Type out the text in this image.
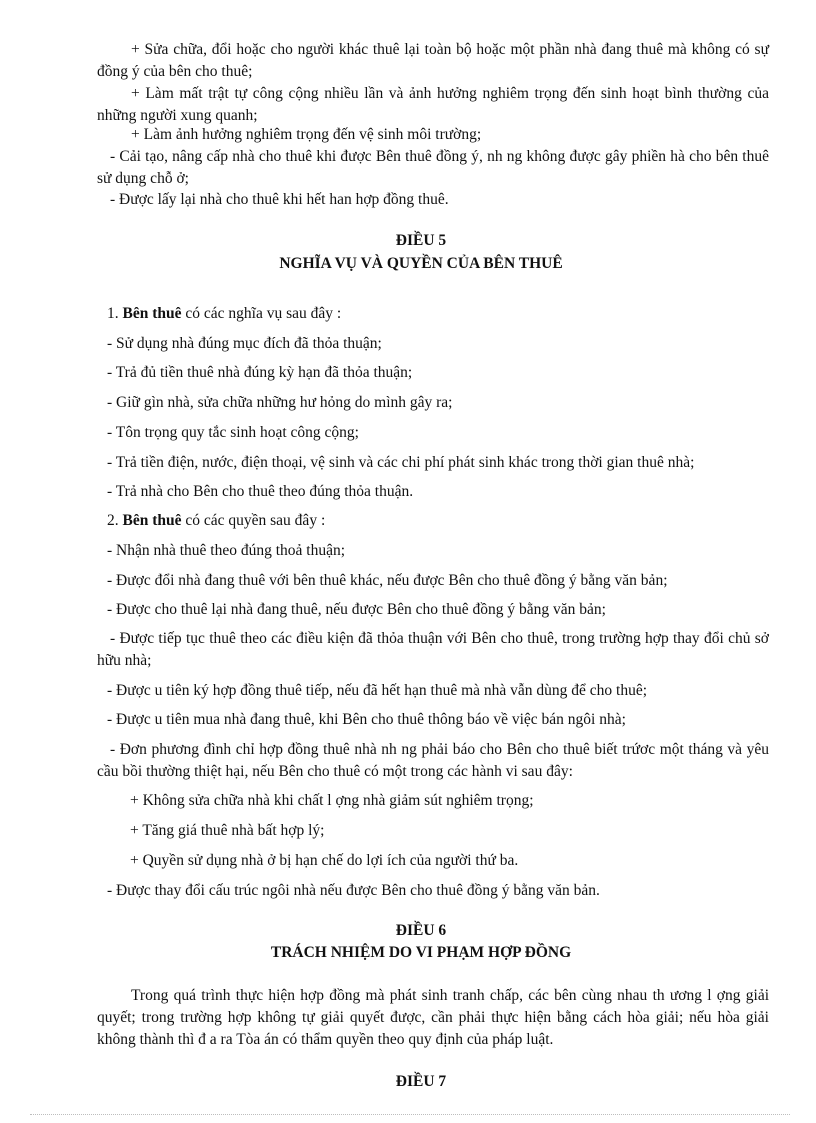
+ Sửa chữa, đổi hoặc cho người khác thuê lại toàn bộ hoặc một phần nhà đang thuê mà không có sự đồng ý của bên cho thuê;

+ Làm mất trật tự công cộng nhiều lần và ảnh hưởng nghiêm trọng đến sinh hoạt bình thường của những người xung quanh;

+ Làm ảnh hưởng nghiêm trọng đến vệ sinh môi trường;

- Cải tạo, nâng cấp nhà cho thuê khi được Bên thuê đồng ý, nh ng không được gây phiền hà cho bên thuê sử dụng chỗ ở;

- Được lấy lại nhà cho thuê khi hết han hợp đồng thuê.

ĐIỀU 5

NGHĨA VỤ VÀ QUYỀN CỦA BÊN THUÊ

1. Bên thuê có các nghĩa vụ sau đây :

- Sử dụng nhà đúng mục đích đã thỏa thuận;

- Trả đủ tiền thuê nhà đúng kỳ hạn đã thỏa thuận;

- Giữ gìn nhà, sửa chữa những hư hỏng do mình gây ra;

- Tôn trọng quy tắc sinh hoạt công cộng;

- Trả tiền điện, nước, điện thoại, vệ sinh và các chi phí phát sinh khác trong thời gian thuê nhà;

- Trả nhà cho Bên cho thuê theo đúng thỏa thuận.

2. Bên thuê có các quyền sau đây :

- Nhận nhà thuê theo đúng thoả thuận;

- Được đổi nhà đang thuê với bên thuê khác, nếu được Bên cho thuê đồng ý bằng văn bản;

- Được cho thuê lại nhà đang thuê, nếu được Bên cho thuê đồng ý bằng văn bản;

- Được tiếp tục thuê theo các điều kiện đã thỏa thuận với Bên cho thuê, trong trường hợp thay đổi chủ sở hữu nhà;

- Được u tiên ký hợp đồng thuê tiếp, nếu đã hết hạn thuê mà nhà vẫn dùng để cho thuê;

- Được u tiên mua nhà đang thuê, khi Bên cho thuê thông báo về việc bán ngôi nhà;

- Đơn phương đình chỉ hợp đồng thuê nhà nh ng phải báo cho Bên cho thuê biết trứơc một tháng và yêu cầu bồi thường thiệt hại, nếu Bên cho thuê có một trong các hành vi sau đây:

+ Không sửa chữa nhà khi chất l ợng nhà giảm sút nghiêm trọng;

+ Tăng giá thuê nhà bất hợp lý;

+ Quyền sử dụng nhà ở bị hạn chế do lợi ích của người thứ ba.

- Được thay đổi cấu trúc ngôi nhà nếu được Bên cho thuê đồng ý bằng văn bản.

ĐIỀU 6

TRÁCH NHIỆM DO VI PHẠM HỢP ĐỒNG

Trong quá trình thực hiện hợp đồng mà phát sinh tranh chấp, các bên cùng nhau th ương l ợng giải quyết; trong trường hợp không tự giải quyết được, cần phải thực hiện bằng cách hòa giải; nếu hòa giải không thành thì đ a ra Tòa án có thẩm quyền theo quy định của pháp luật.

ĐIỀU 7
